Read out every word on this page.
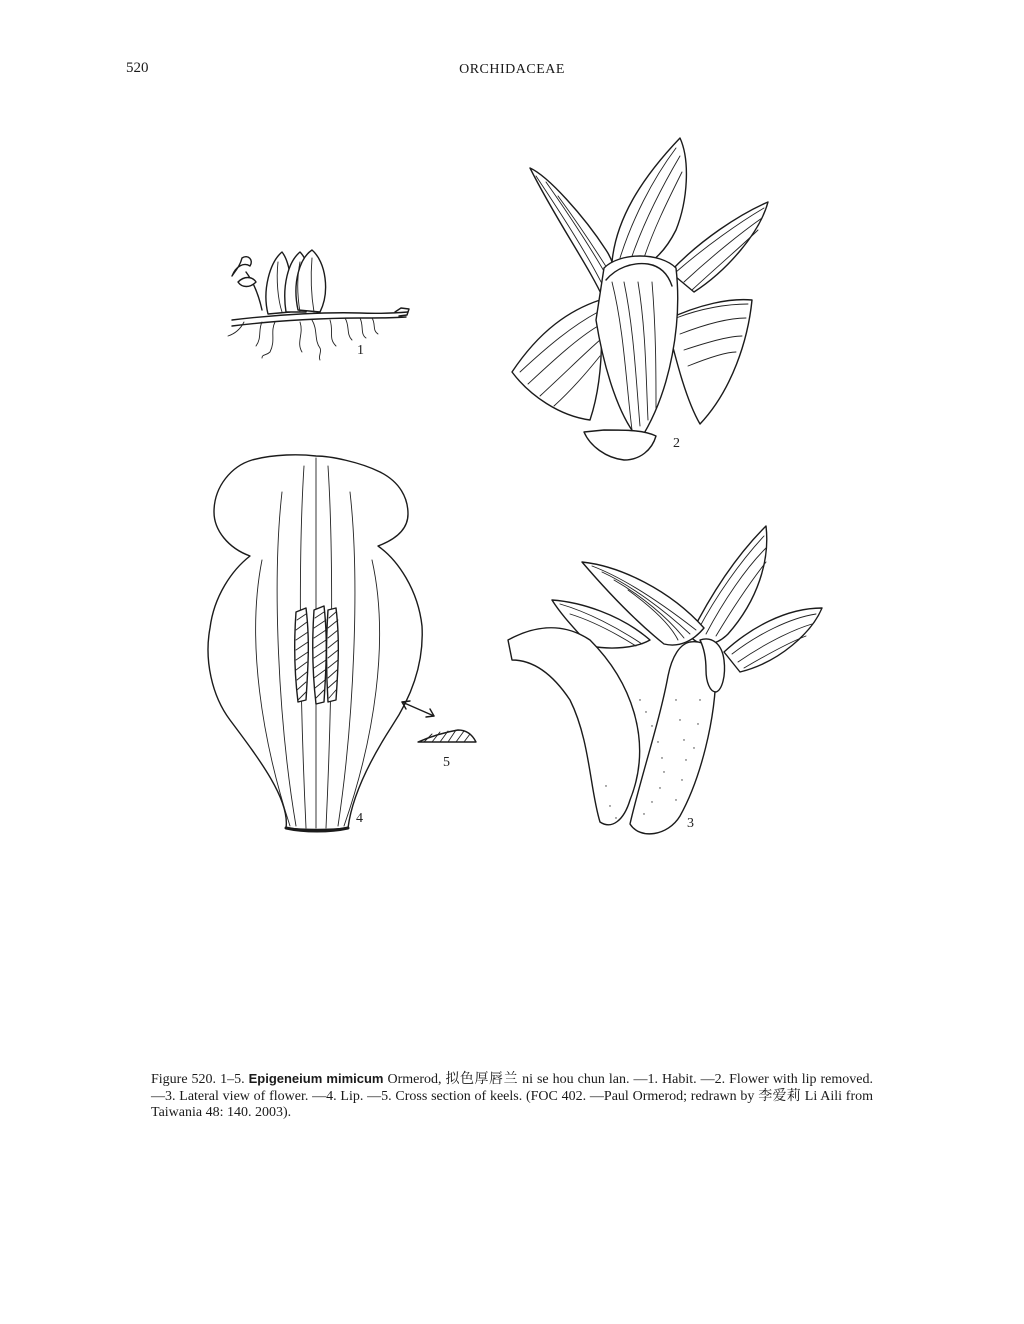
520	ORCHIDACEAE
1
2
4
5
3
Figure 520. 1–5. Epigeneium mimicum Ormerod, 拟色厚唇兰 ni se hou chun lan. —1. Habit. —2. Flower with lip removed. —3. Lateral view of flower. —4. Lip. —5. Cross section of keels. (FOC 402. —Paul Ormerod; redrawn by 李爱莉 Li Aili from Taiwania 48: 140. 2003).
